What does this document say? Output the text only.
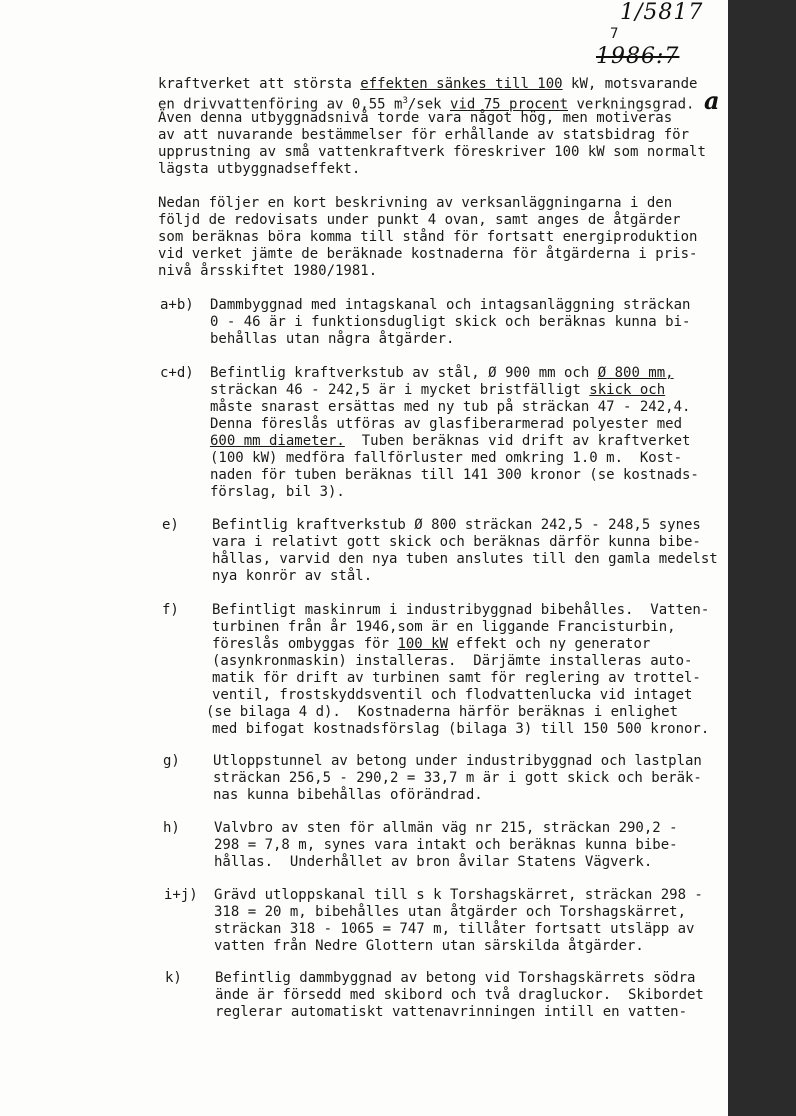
1/5817
7
1986:7
a
kraftverket att största effekten sänkes till 100 kW, motsvarande
en drivvattenföring av 0,55 $m^3$/sek vid 75 procent verkningsgrad.
Även denna utbyggnadsnivå torde vara något hög, men motiveras
av att nuvarande bestämmelser för erhållande av statsbidrag för
upprustning av små vattenkraftverk föreskriver 100 kW som normalt
lägsta utbyggnadseffekt.
Nedan följer en kort beskrivning av verksanläggningarna i den
följd de redovisats under punkt 4 ovan, samt anges de åtgärder
som beräknas böra komma till stånd för fortsatt energiproduktion
vid verket jämte de beräknade kostnaderna för åtgärderna i pris-
nivå årsskiftet 1980/1981.
a+b) Dammbyggnad med intagskanal och intagsanläggning sträckan
0 - 46 är i funktionsdugligt skick och beräknas kunna bi-
behållas utan några åtgärder.
c+d) Befintlig kraftverkstub av stål, Ø 900 mm och Ø 800 mm,
sträckan 46 - 242,5 är i mycket bristfälligt skick och
måste snarast ersättas med ny tub på sträckan 47 - 242,4.
Denna föreslås utföras av glasfiberarmerad polyester med
600 mm diameter.  Tuben beräknas vid drift av kraftverket
(100 kW) medföra fallförluster med omkring 1.0 m.  Kost-
naden för tuben beräknas till 141 300 kronor (se kostnads-
förslag, bil 3).
e) Befintlig kraftverkstub Ø 800 sträckan 242,5 - 248,5 synes
vara i relativt gott skick och beräknas därför kunna bibe-
hållas, varvid den nya tuben anslutes till den gamla medelst
nya konrör av stål.
f) Befintligt maskinrum i industribyggnad bibehålles.  Vatten-
turbinen från år 1946,som är en liggande Francisturbin,
föreslås ombyggas för 100 kW effekt och ny generator
(asynkronmaskin) installeras.  Därjämte installeras auto-
matik för drift av turbinen samt för reglering av trottel-
ventil, frostskyddsventil och flodvattenlucka vid intaget
(se bilaga 4 d).  Kostnaderna härför beräknas i enlighet
med bifogat kostnadsförslag (bilaga 3) till 150 500 kronor.
g) Utloppstunnel av betong under industribyggnad och lastplan
sträckan 256,5 - 290,2 = 33,7 m är i gott skick och beräk-
nas kunna bibehållas oförändrad.
h) Valvbro av sten för allmän väg nr 215, sträckan 290,2 -
298 = 7,8 m, synes vara intakt och beräknas kunna bibe-
hållas.  Underhållet av bron åvilar Statens Vägverk.
i+j) Grävd utloppskanal till s k Torshagskärret, sträckan 298 -
318 = 20 m, bibehålles utan åtgärder och Torshagskärret,
sträckan 318 - 1065 = 747 m, tillåter fortsatt utsläpp av
vatten från Nedre Glottern utan särskilda åtgärder.
k) Befintlig dammbyggnad av betong vid Torshagskärrets södra
ände är försedd med skibord och två dragluckor.  Skibordet
reglerar automatiskt vattenavrinningen intill en vatten-
